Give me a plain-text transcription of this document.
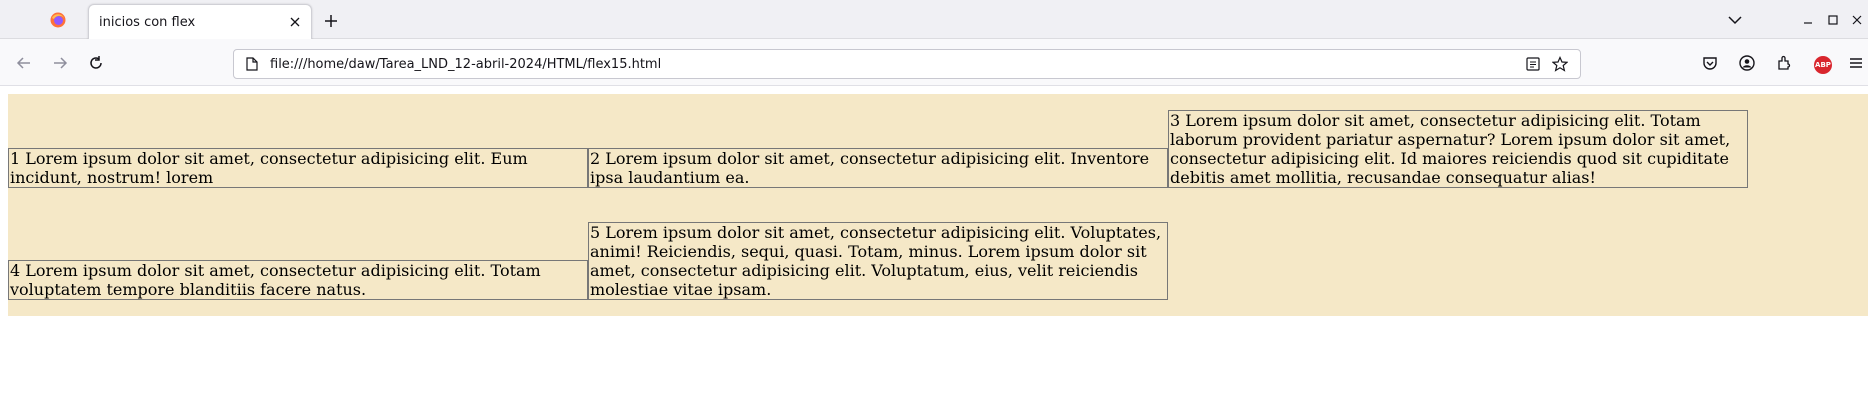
inicios con flex
file:///home/daw/Tarea_LND_12-abril-2024/HTML/flex15.html	ABP
1 Lorem ipsum dolor sit amet, consectetur adipisicing elit. Eum incidunt, nostrum! lorem
2 Lorem ipsum dolor sit amet, consectetur adipisicing elit. Inventore ipsa laudantium ea.
3 Lorem ipsum dolor sit amet, consectetur adipisicing elit. Totam laborum provident pariatur aspernatur? Lorem ipsum dolor sit amet, consectetur adipisicing elit. Id maiores reiciendis quod sit cupiditate debitis amet mollitia, recusandae consequatur alias!
4 Lorem ipsum dolor sit amet, consectetur adipisicing elit. Totam voluptatem tempore blanditiis facere natus.
5 Lorem ipsum dolor sit amet, consectetur adipisicing elit. Voluptates, animi! Reiciendis, sequi, quasi. Totam, minus. Lorem ipsum dolor sit amet, consectetur adipisicing elit. Voluptatum, eius, velit reiciendis molestiae vitae ipsam.
